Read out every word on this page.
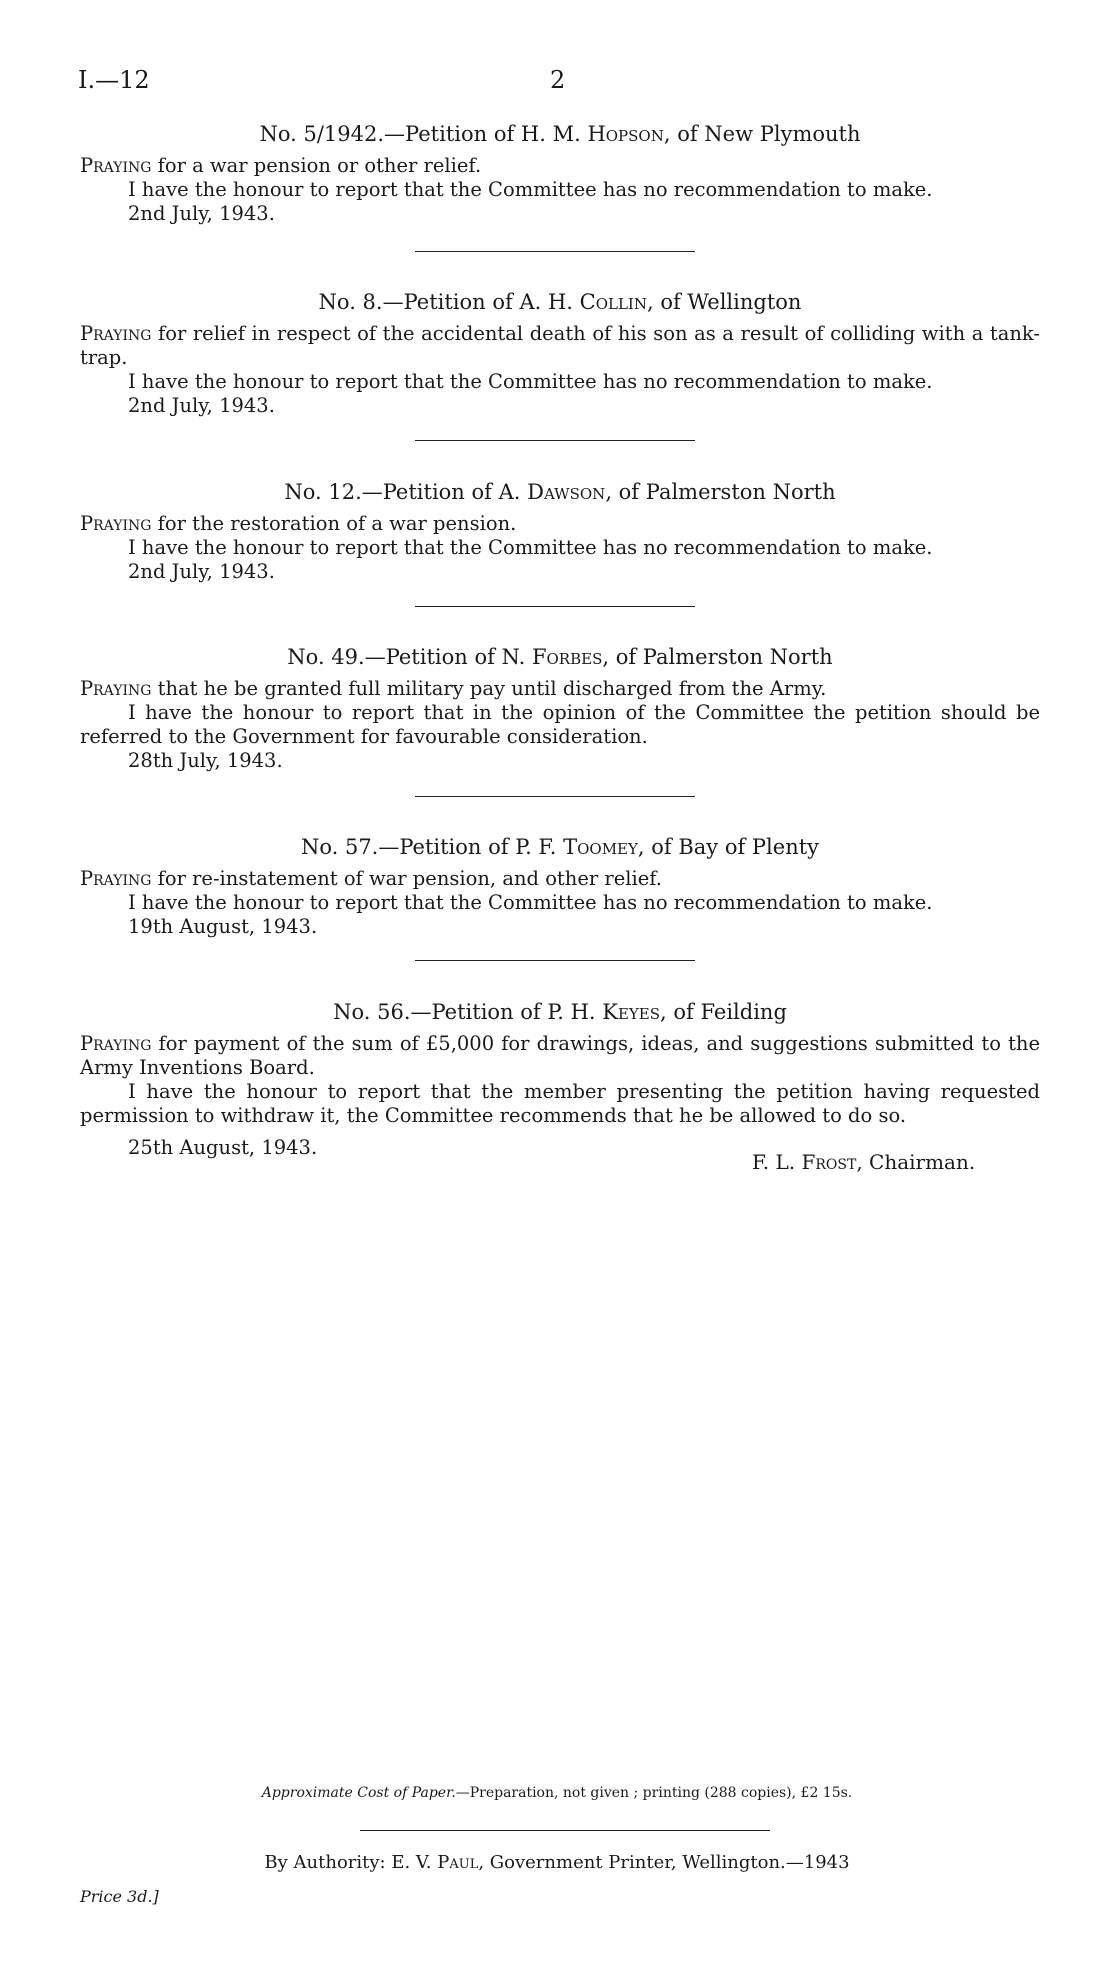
I.—12	2
No. 5/1942.—Petition of H. M. Hopson, of New Plymouth

Praying for a war pension or other relief.

I have the honour to report that the Committee has no recommendation to make.

2nd July, 1943.

No. 8.—Petition of A. H. Collin, of Wellington

Praying for relief in respect of the accidental death of his son as a result of colliding with a tank-trap.

I have the honour to report that the Committee has no recommendation to make.

2nd July, 1943.

No. 12.—Petition of A. Dawson, of Palmerston North

Praying for the restoration of a war pension.

I have the honour to report that the Committee has no recommendation to make.

2nd July, 1943.

No. 49.—Petition of N. Forbes, of Palmerston North

Praying that he be granted full military pay until discharged from the Army.

I have the honour to report that in the opinion of the Committee the petition should be referred to the Government for favourable consideration.

28th July, 1943.

No. 57.—Petition of P. F. Toomey, of Bay of Plenty

Praying for re-instatement of war pension, and other relief.

I have the honour to report that the Committee has no recommendation to make.

19th August, 1943.

No. 56.—Petition of P. H. Keyes, of Feilding

Praying for payment of the sum of £5,000 for drawings, ideas, and suggestions submitted to the Army Inventions Board.

I have the honour to report that the member presenting the petition having requested permission to withdraw it, the Committee recommends that he be allowed to do so.

25th August, 1943.

F. L. Frost, Chairman.
Approximate Cost of Paper.—Preparation, not given ; printing (288 copies), £2 15s.
By Authority: E. V. Paul, Government Printer, Wellington.—1943
Price 3d.]
